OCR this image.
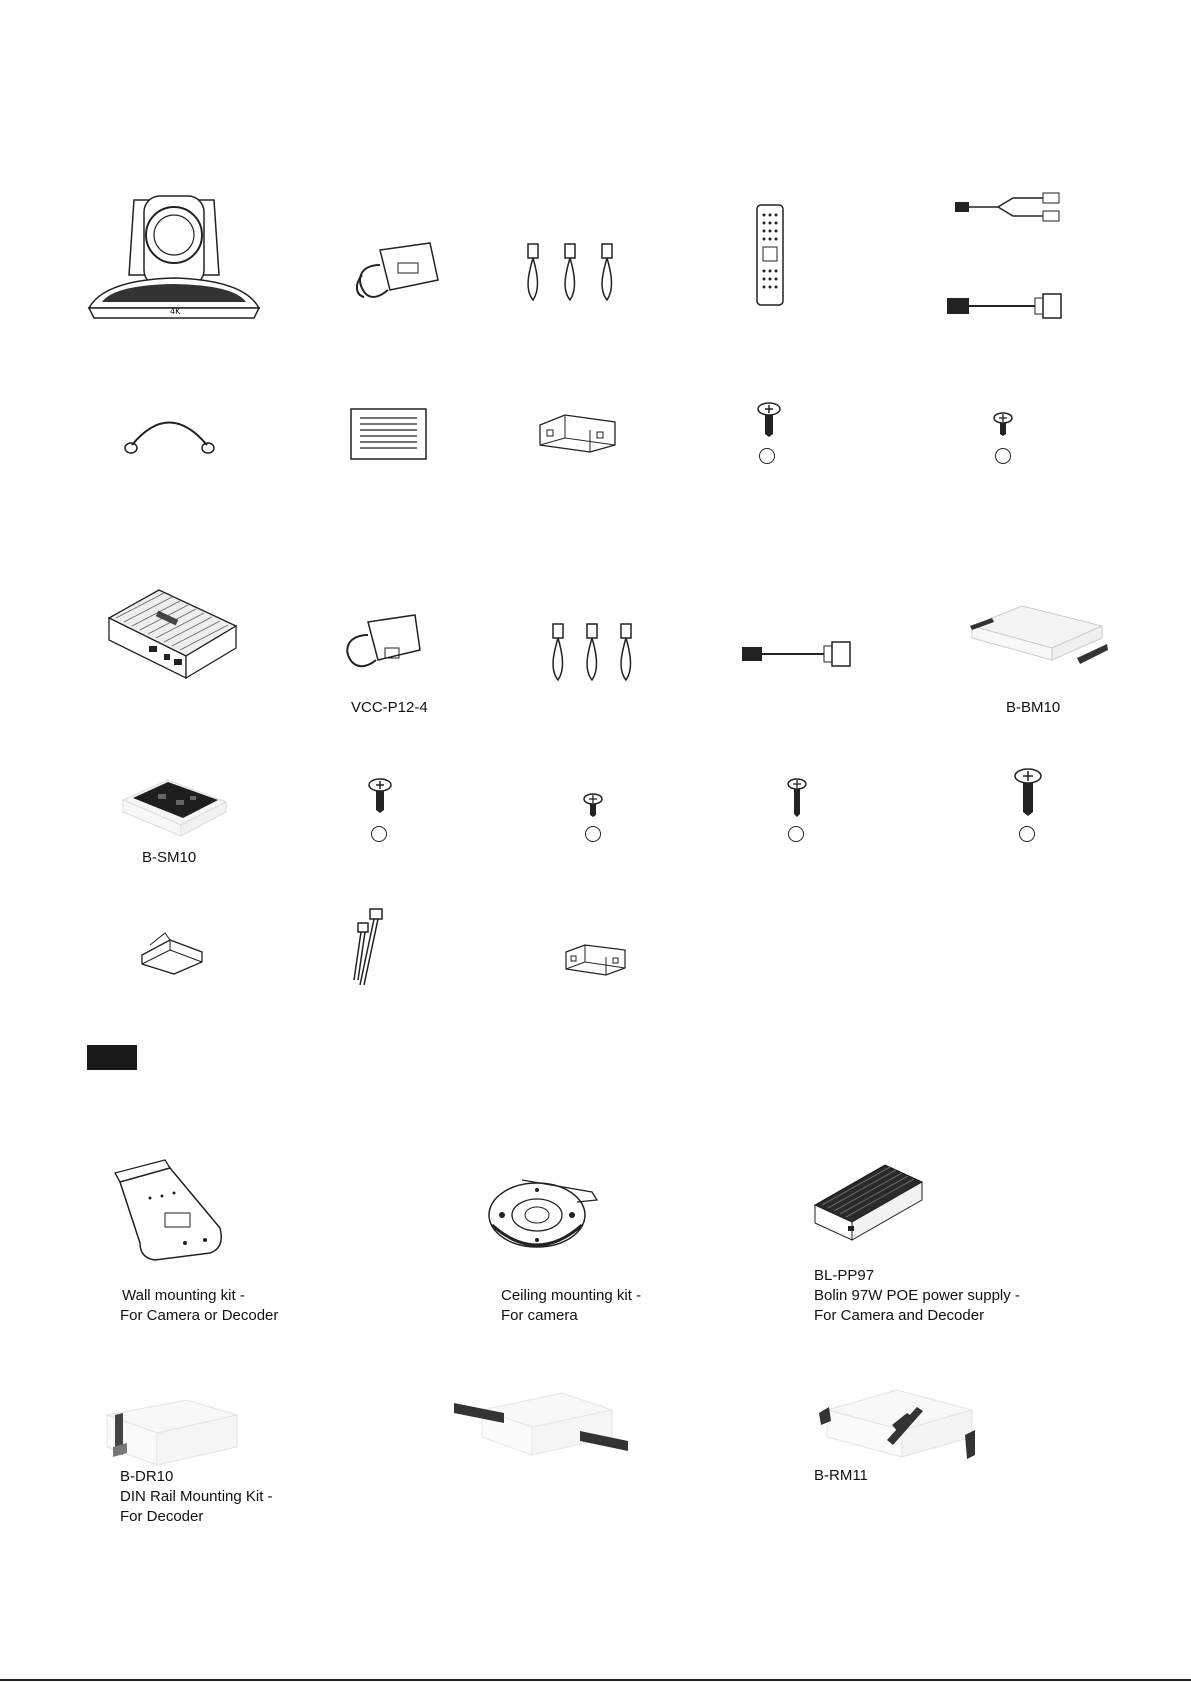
4K
VCC-P12-4	B-BM10
B-SM10
Wall mounting kit -
For Camera or Decoder
Ceiling mounting kit -
For camera
BL-PP97
Bolin 97W POE power supply -
For Camera and Decoder
B-DR10
DIN Rail Mounting Kit -
For Decoder
B-RM11
